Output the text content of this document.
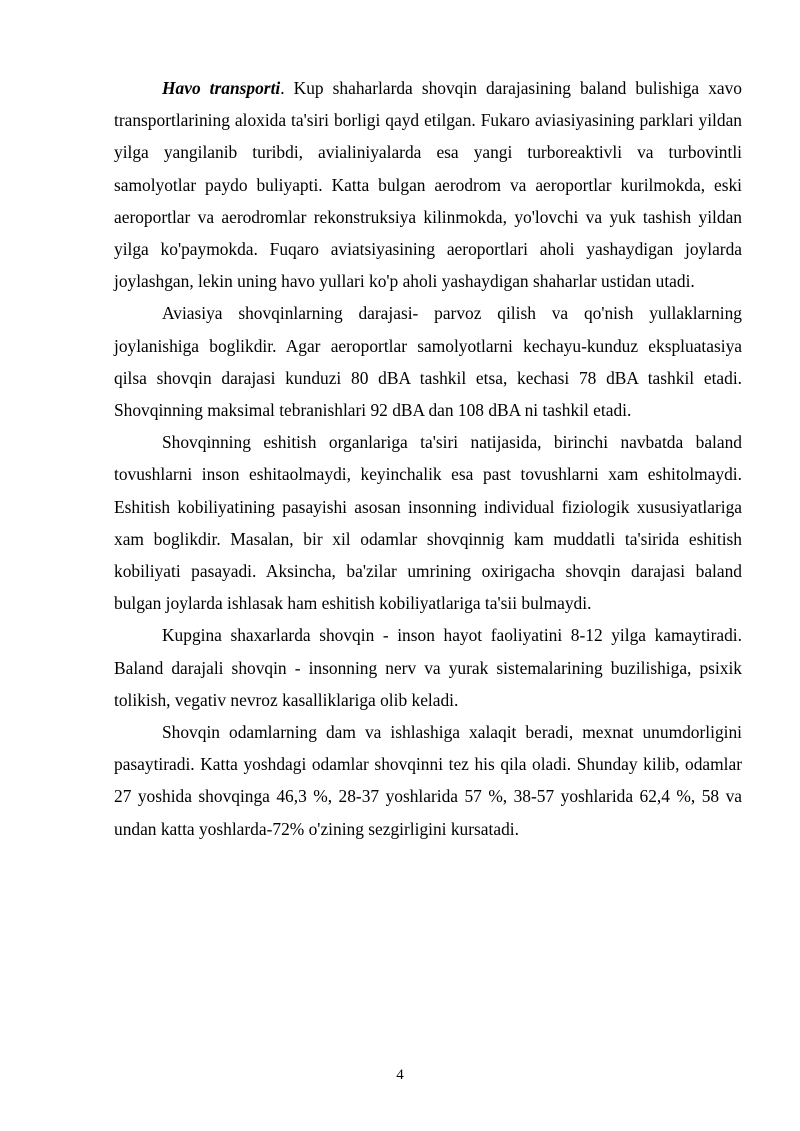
Havo transporti. Kup shaharlarda shovqin darajasining baland bulishiga xavo transportlarining aloxida ta'siri borligi qayd etilgan. Fukaro aviasiyasining parklari yildan yilga yangilanib turibdi, avialiniyalarda esa yangi turboreaktivli va turbovintli samolyotlar paydo buliyapti. Katta bulgan aerodrom va aeroportlar kurilmokda, eski aeroportlar va aerodromlar rekonstruksiya kilinmokda, yo'lovchi va yuk tashish yildan yilga ko'paymokda. Fuqaro aviatsiyasining aeroportlari aholi yashaydigan joylarda joylashgan, lekin uning havo yullari ko'p aholi yashaydigan shaharlar ustidan utadi.

Aviasiya shovqinlarning darajasi- parvoz qilish va qo'nish yullaklarning joylanishiga boglikdir. Agar aeroportlar samolyotlarni kechayu-kunduz ekspluatasiya qilsa shovqin darajasi kunduzi 80 dBA tashkil etsa, kechasi 78 dBA tashkil etadi. Shovqinning maksimal tebranishlari 92 dBA dan 108 dBA ni tashkil etadi.

Shovqinning eshitish organlariga ta'siri natijasida, birinchi navbatda baland tovushlarni inson eshitaolmaydi, keyinchalik esa past tovushlarni xam eshitolmaydi. Eshitish kobiliyatining pasayishi asosan insonning individual fiziologik xususiyatlariga xam boglikdir. Masalan, bir xil odamlar shovqinnig kam muddatli ta'sirida eshitish kobiliyati pasayadi. Aksincha, ba'zilar umrining oxirigacha shovqin darajasi baland bulgan joylarda ishlasak ham eshitish kobiliyatlariga ta'sii bulmaydi.

Kupgina shaxarlarda shovqin - inson hayot faoliyatini 8-12 yilga kamaytiradi. Baland darajali shovqin - insonning nerv va yurak sistemalarining buzilishiga, psixik tolikish, vegativ nevroz kasalliklariga olib keladi.

Shovqin odamlarning dam va ishlashiga xalaqit beradi, mexnat unumdorligini pasaytiradi. Katta yoshdagi odamlar shovqinni tez his qila oladi. Shunday kilib, odamlar 27 yoshida shovqinga 46,3 %, 28-37 yoshlarida 57 %, 38-57 yoshlarida 62,4 %, 58 va undan katta yoshlarda-72% o'zining sezgirligini kursatadi.

4
